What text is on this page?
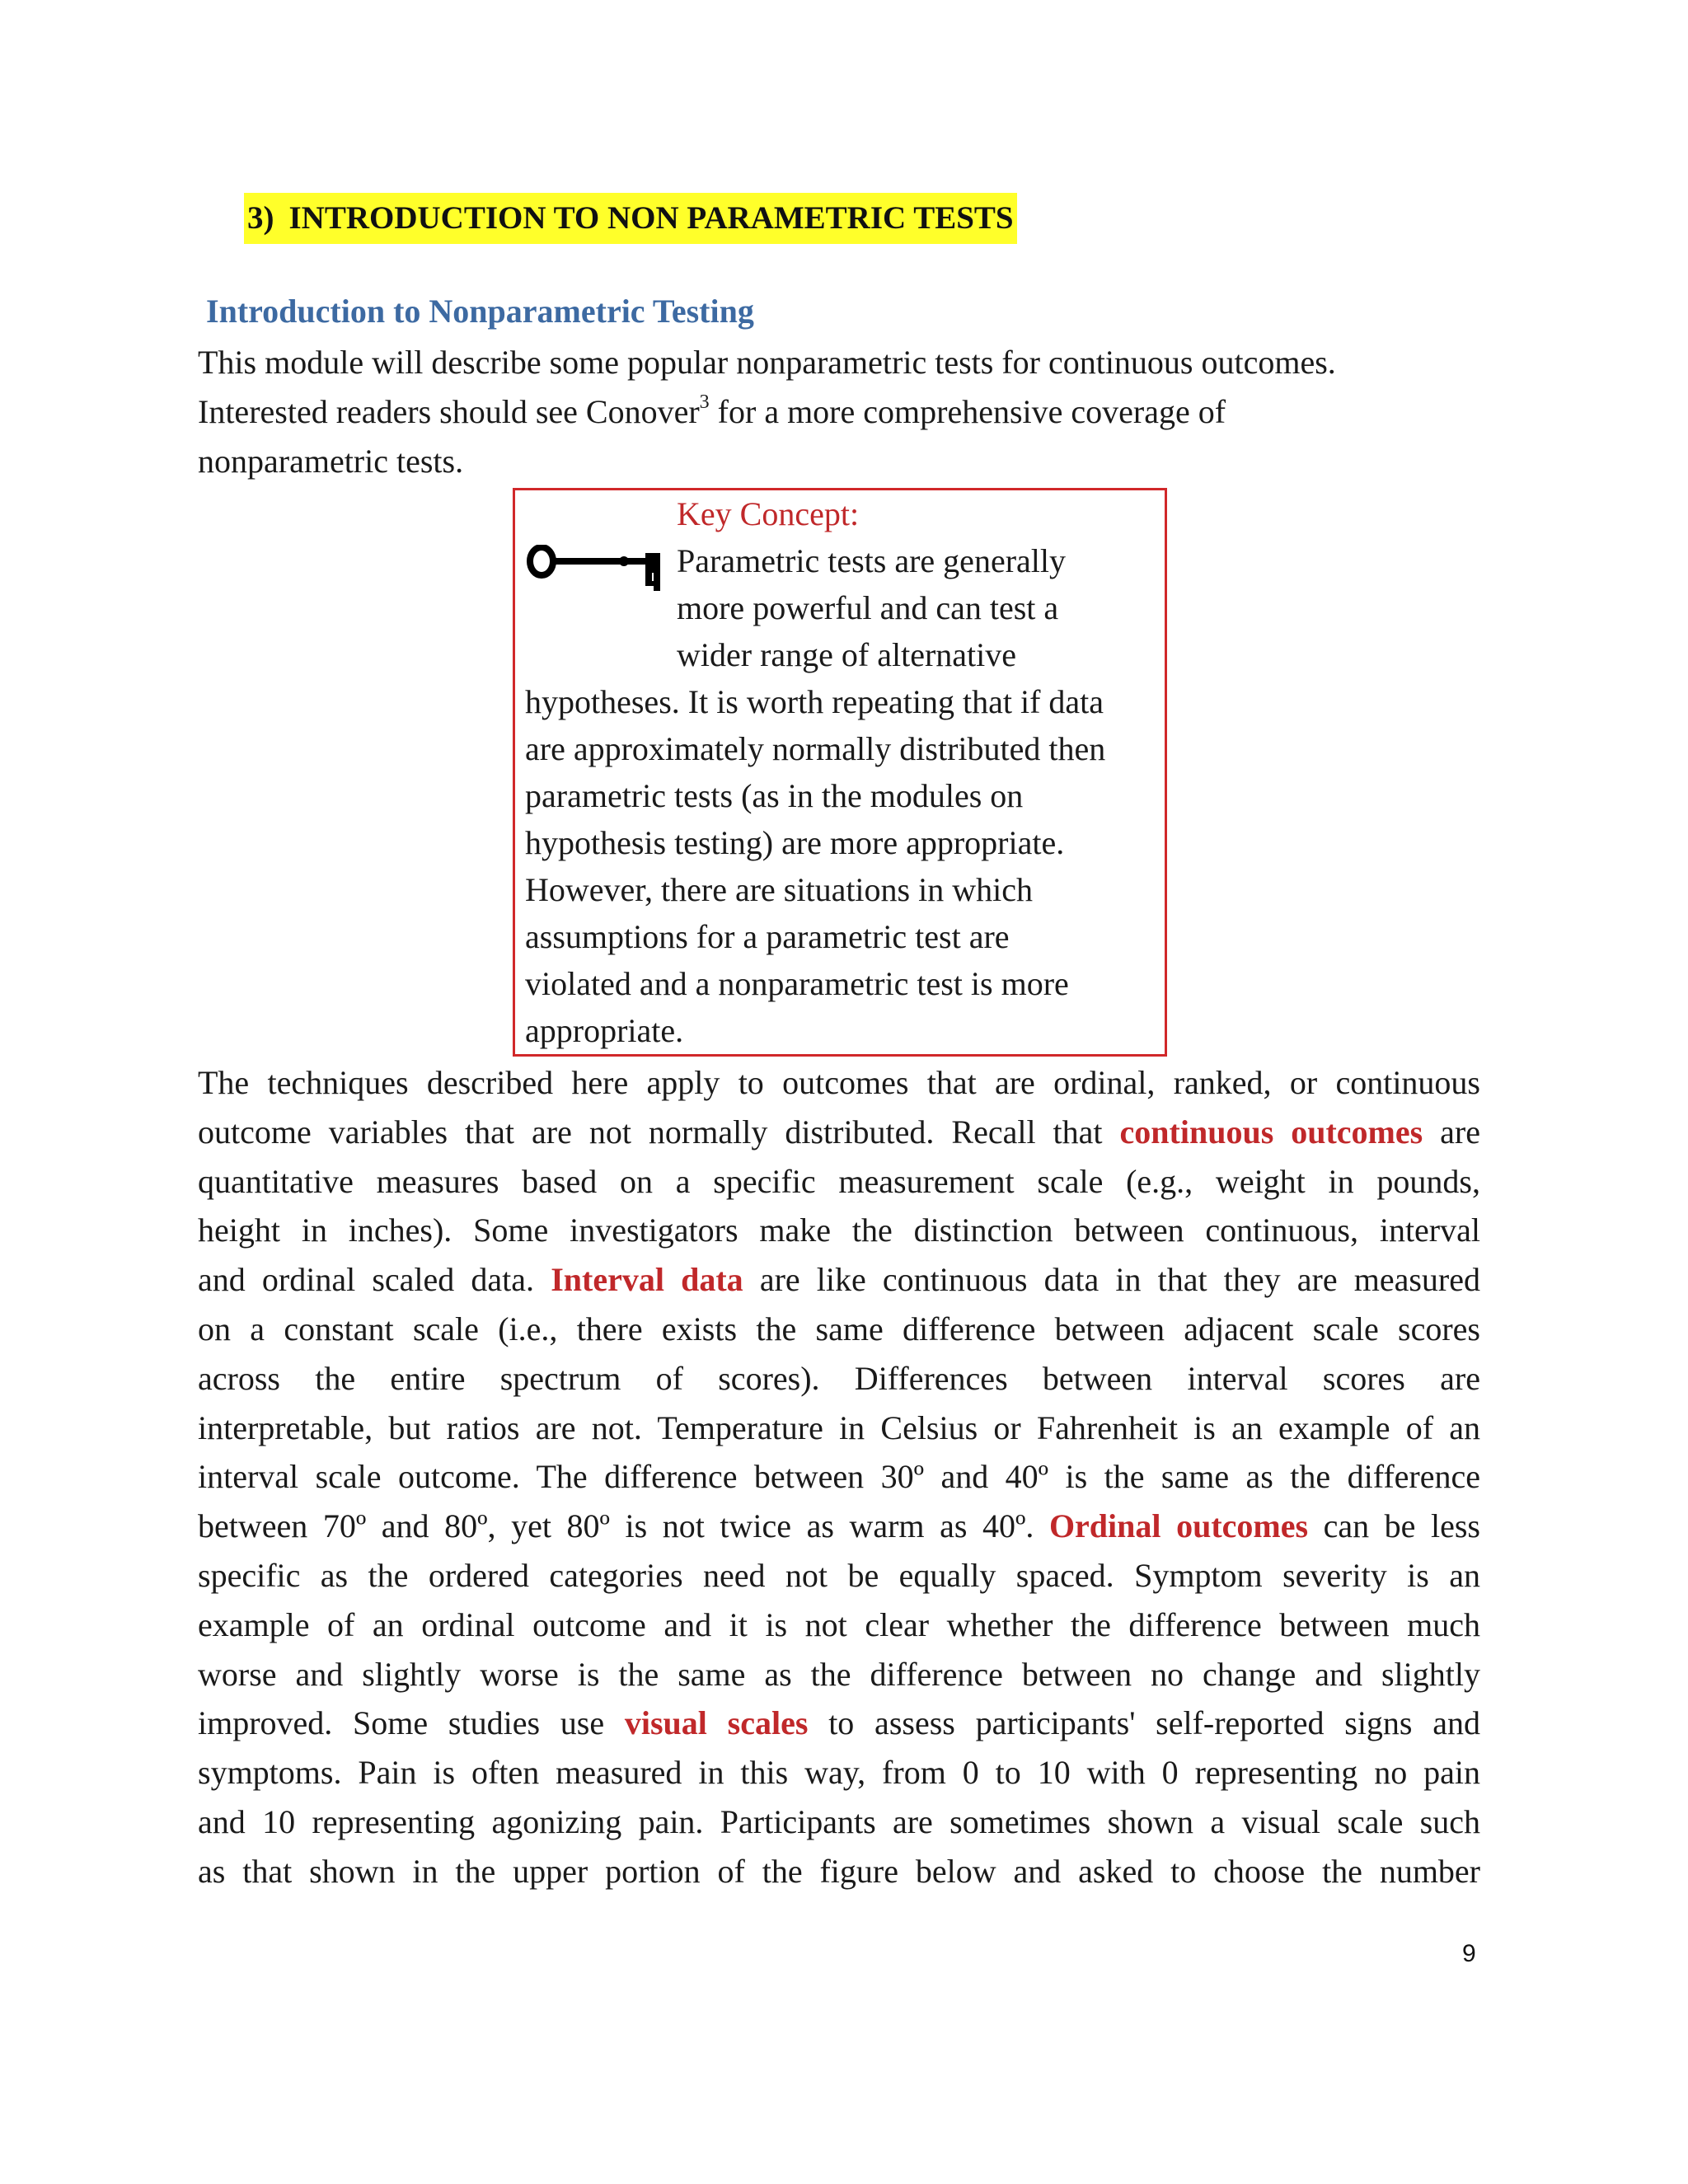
3) INTRODUCTION TO NON PARAMETRIC TESTS
Introduction to Nonparametric Testing

This module will describe some popular nonparametric tests for continuous outcomes.

Interested readers should see Conover$^3$ for a more comprehensive coverage of

nonparametric tests.

Key Concept:
Parametric tests are generally
more powerful and can test a
wider range of alternative
hypotheses. It is worth repeating that if data
are approximately normally distributed then
parametric tests (as in the modules on
hypothesis testing) are more appropriate.
However, there are situations in which
assumptions for a parametric test are
violated and a nonparametric test is more
appropriate.
The techniques described here apply to outcomes that are ordinal, ranked, or continuous
outcome variables that are not normally distributed. Recall that continuous outcomes are
quantitative measures based on a specific measurement scale (e.g., weight in pounds,
height in inches). Some investigators make the distinction between continuous, interval
and ordinal scaled data. Interval data are like continuous data in that they are measured
on a constant scale (i.e., there exists the same difference between adjacent scale scores
across the entire spectrum of scores). Differences between interval scores are
interpretable, but ratios are not. Temperature in Celsius or Fahrenheit is an example of an
interval scale outcome. The difference between 30º and 40º is the same as the difference
between 70º and 80º, yet 80º is not twice as warm as 40º. Ordinal outcomes can be less
specific as the ordered categories need not be equally spaced. Symptom severity is an
example of an ordinal outcome and it is not clear whether the difference between much
worse and slightly worse is the same as the difference between no change and slightly
improved. Some studies use visual scales to assess participants' self-reported signs and
symptoms. Pain is often measured in this way, from 0 to 10 with 0 representing no pain
and 10 representing agonizing pain. Participants are sometimes shown a visual scale such
as that shown in the upper portion of the figure below and asked to choose the number
9
